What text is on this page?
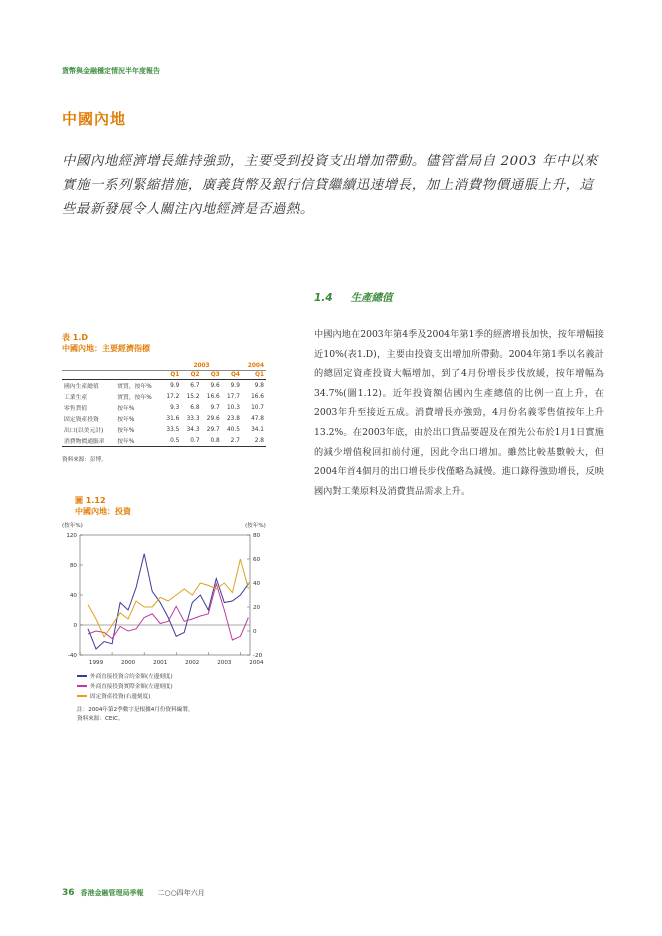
貨幣與金融穩定情況半年度報告
中國內地
中國內地經濟增長維持強勁，主要受到投資支出增加帶動。儘管當局自 2003 年中以來實施一系列緊縮措施，廣義貨幣及銀行信貸繼續迅速增長，加上消費物價通脹上升，這些最新發展令人關注內地經濟是否過熱。
1.4 生產總值
中國內地在2003年第4季及2004年第1季的經濟增長加快，按年增幅接近10%(表1.D)，主要由投資支出增加所帶動。2004年第1季以名義計的總固定資產投資大幅增加，到了4月份增長步伐放緩，按年增幅為34.7%(圖1.12)。近年投資額佔國內生產總值的比例一直上升，在2003年升至接近五成。消費增長亦強勁，4月份名義零售值按年上升13.2%。在2003年底，由於出口貨品要趕及在預先公布於1月1日實施的減少增值稅回扣前付運，因此令出口增加。雖然比較基數較大，但2004年首4個月的出口增長步伐僅略為減慢。進口錄得強勁增長，反映國內對工業原料及消費貨品需求上升。
表 1.D
中國內地：主要經濟指標
		2003				2004
		Q1	Q2	Q3	Q4	Q1
國內生產總值	實質，按年%	9.9	6.7	9.6	9.9	9.8
工業生產	實質，按年%	17.2	15.2	16.6	17.7	16.6
零售貨值	按年%	9.3	6.8	9.7	10.3	10.7
固定資產投資	按年%	31.6	33.3	29.6	23.8	47.8
出口(以美元計)	按年%	33.5	34.3	29.7	40.5	34.1
消費物價通脹率	按年%	0.5	0.7	0.8	2.7	2.8
資料來源：彭博。
圖 1.12
中國內地：投資
(按年%)	(按年%)
-40
0
40
80
120
-20
0
20
40
60
80
1999	2000	2001	2002	2003	2004
外商直接投資合約金額(左邊刻度)
外商直接投資實際金額(左邊刻度)
固定資產投資(右邊刻度)
註：2004年第2季數字是根據4月份資料編製。
資料來源：CEIC。
36 香港金融管理局季報 二○○四年六月
